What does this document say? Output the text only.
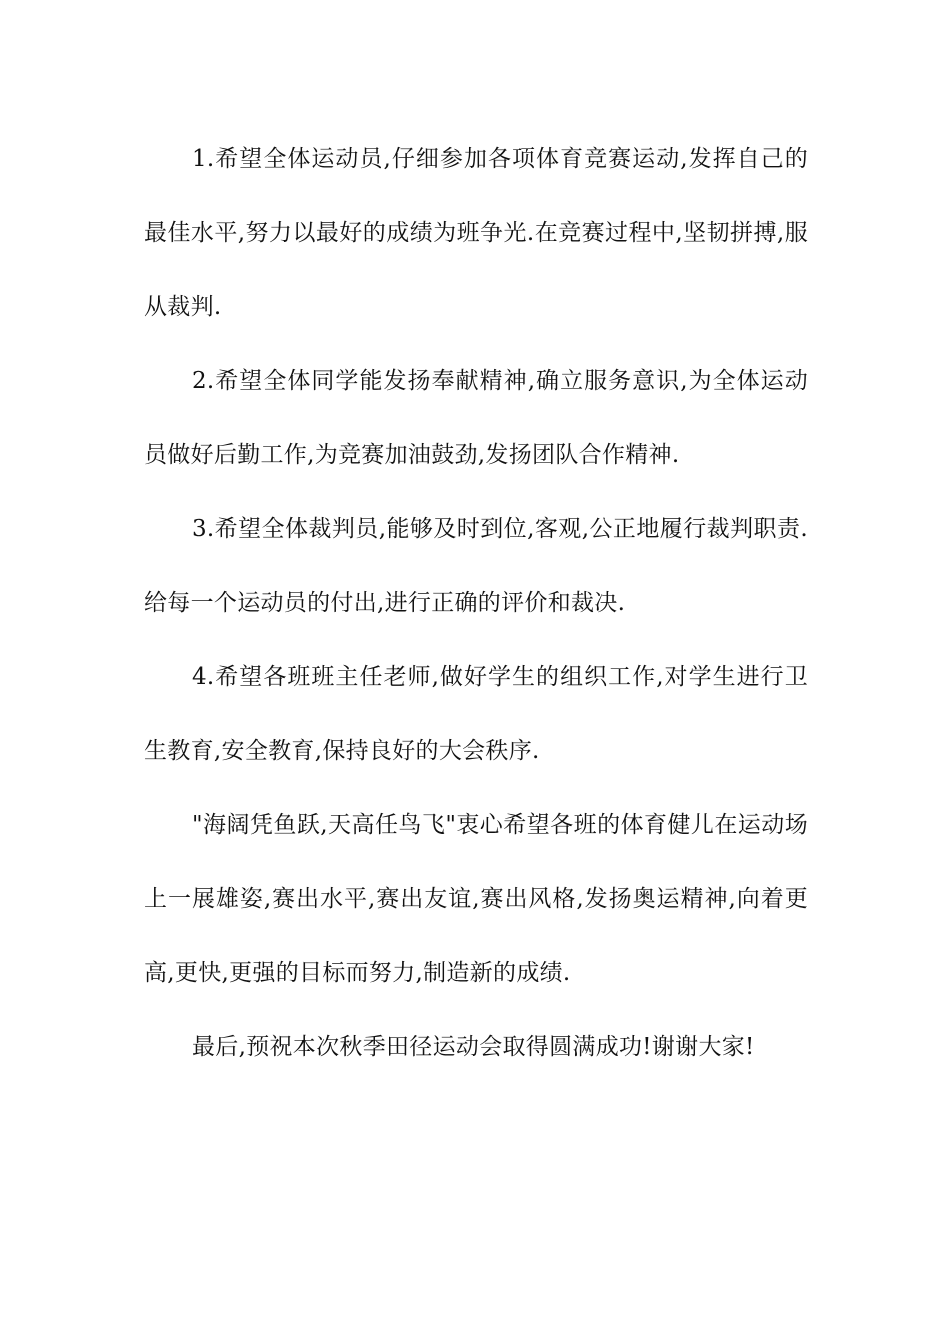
1.希望全体运动员,仔细参加各项体育竞赛运动,发挥自己的最佳水平,努力以最好的成绩为班争光.在竞赛过程中,坚韧拼搏,服从裁判.

2.希望全体同学能发扬奉献精神,确立服务意识,为全体运动员做好后勤工作,为竞赛加油鼓劲,发扬团队合作精神.

3.希望全体裁判员,能够及时到位,客观,公正地履行裁判职责.给每一个运动员的付出,进行正确的评价和裁决.

4.希望各班班主任老师,做好学生的组织工作,对学生进行卫生教育,安全教育,保持良好的大会秩序.

"海阔凭鱼跃,天高任鸟飞"衷心希望各班的体育健儿在运动场上一展雄姿,赛出水平,赛出友谊,赛出风格,发扬奥运精神,向着更高,更快,更强的目标而努力,制造新的成绩.

最后,预祝本次秋季田径运动会取得圆满成功!谢谢大家!
